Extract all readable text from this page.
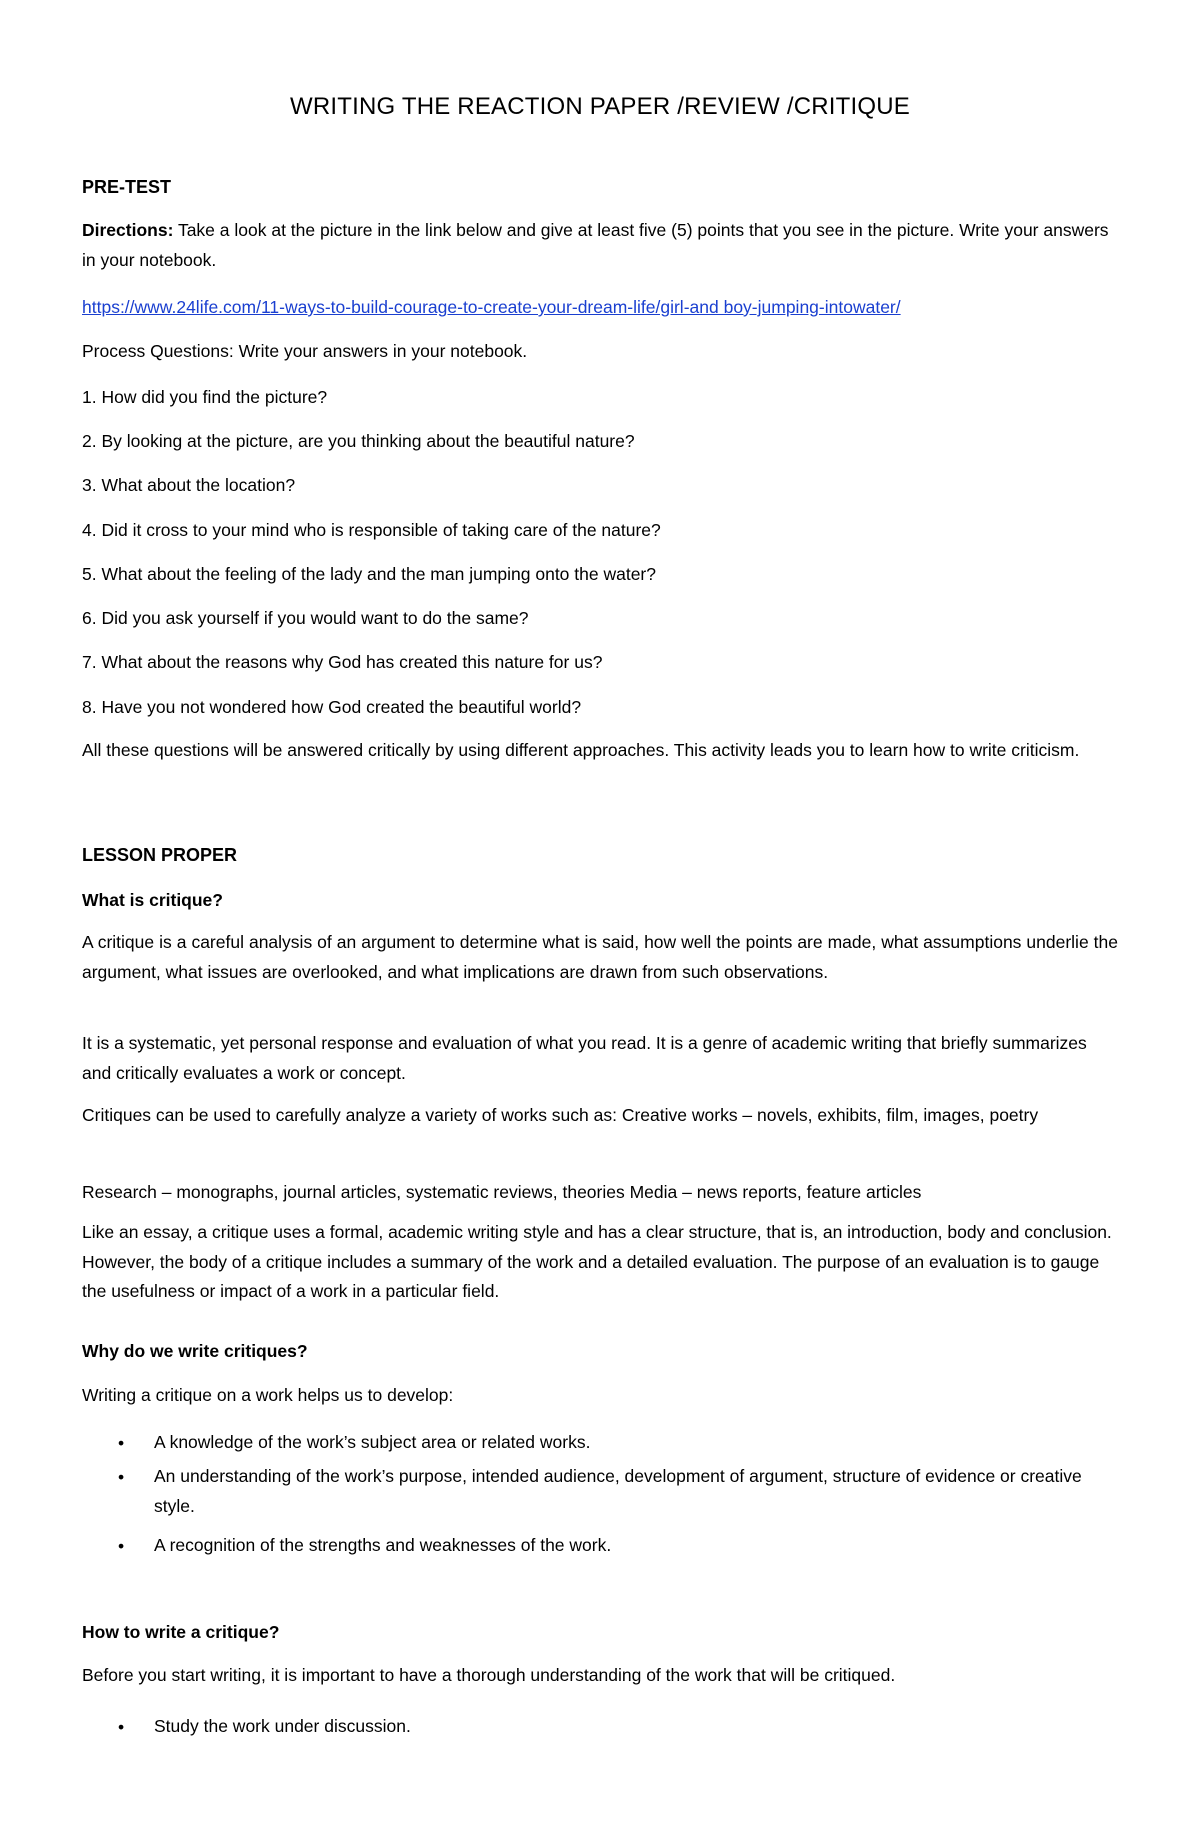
WRITING THE REACTION PAPER /REVIEW /CRITIQUE
PRE-TEST
Directions: Take a look at the picture in the link below and give at least five (5) points that you see in the picture. Write your answers in your notebook.
https://www.24life.com/11-ways-to-build-courage-to-create-your-dream-life/girl-and boy-jumping-intowater/
Process Questions: Write your answers in your notebook.
1. How did you find the picture?
2. By looking at the picture, are you thinking about the beautiful nature?
3. What about the location?
4. Did it cross to your mind who is responsible of taking care of the nature?
5. What about the feeling of the lady and the man jumping onto the water?
6. Did you ask yourself if you would want to do the same?
7. What about the reasons why God has created this nature for us?
8. Have you not wondered how God created the beautiful world?
All these questions will be answered critically by using different approaches. This activity leads you to learn how to write criticism.
LESSON PROPER
What is critique?
A critique is a careful analysis of an argument to determine what is said, how well the points are made, what assumptions underlie the argument, what issues are overlooked, and what implications are drawn from such observations.
It is a systematic, yet personal response and evaluation of what you read. It is a genre of academic writing that briefly summarizes and critically evaluates a work or concept.
Critiques can be used to carefully analyze a variety of works such as: Creative works – novels, exhibits, film, images, poetry
Research – monographs, journal articles, systematic reviews, theories Media – news reports, feature articles
Like an essay, a critique uses a formal, academic writing style and has a clear structure, that is, an introduction, body and conclusion. However, the body of a critique includes a summary of the work and a detailed evaluation. The purpose of an evaluation is to gauge the usefulness or impact of a work in a particular field.
Why do we write critiques?
Writing a critique on a work helps us to develop:
• A knowledge of the work’s subject area or related works.
• An understanding of the work’s purpose, intended audience, development of argument, structure of evidence or creative style.
• A recognition of the strengths and weaknesses of the work.
How to write a critique?
Before you start writing, it is important to have a thorough understanding of the work that will be critiqued.
• Study the work under discussion.
